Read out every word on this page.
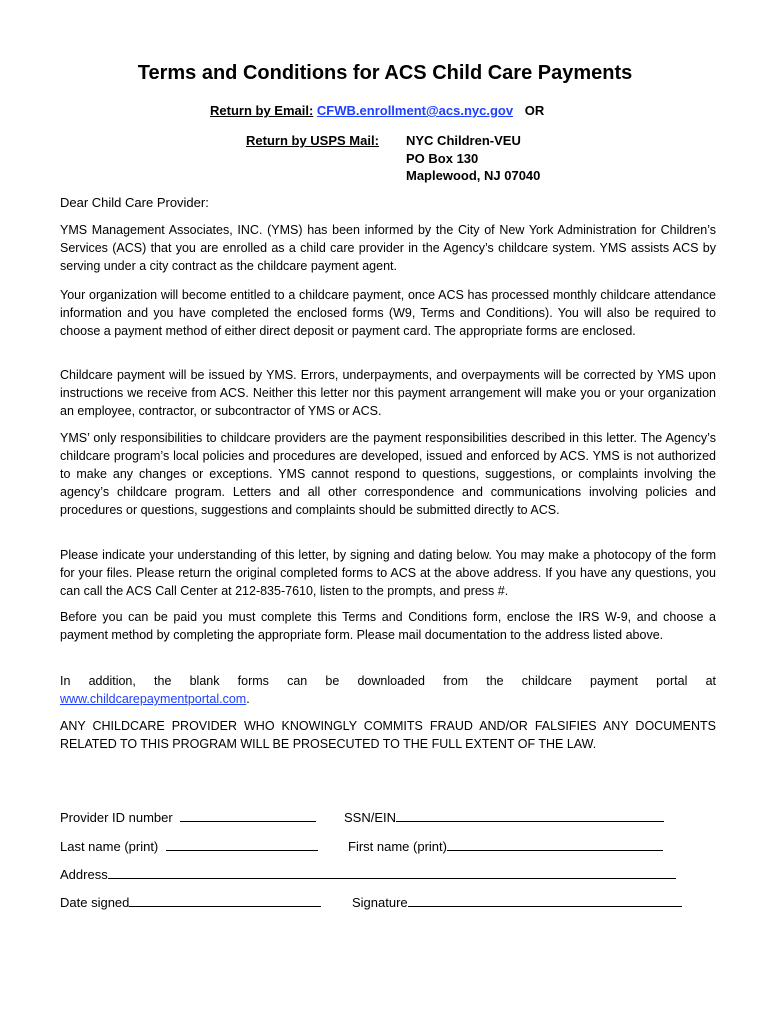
Terms and Conditions for ACS Child Care Payments
Return by Email: CFWB.enrollment@acs.nyc.gov OR
Return by USPS Mail: NYC Children-VEU
PO Box 130
Maplewood, NJ 07040
Dear Child Care Provider:

YMS Management Associates, INC. (YMS) has been informed by the City of New York Administration for Children’s Services (ACS) that you are enrolled as a child care provider in the Agency’s childcare system. YMS assists ACS by serving under a city contract as the childcare payment agent.

Your organization will become entitled to a childcare payment, once ACS has processed monthly childcare attendance information and you have completed the enclosed forms (W9, Terms and Conditions). You will also be required to choose a payment method of either direct deposit or payment card. The appropriate forms are enclosed.

Childcare payment will be issued by YMS. Errors, underpayments, and overpayments will be corrected by YMS upon instructions we receive from ACS. Neither this letter nor this payment arrangement will make you or your organization an employee, contractor, or subcontractor of YMS or ACS.

YMS’ only responsibilities to childcare providers are the payment responsibilities described in this letter. The Agency’s childcare program’s local policies and procedures are developed, issued and enforced by ACS. YMS is not authorized to make any changes or exceptions. YMS cannot respond to questions, suggestions, or complaints involving the agency’s childcare program. Letters and all other correspondence and communications involving policies and procedures or questions, suggestions and complaints should be submitted directly to ACS.

Please indicate your understanding of this letter, by signing and dating below. You may make a photocopy of the form for your files. Please return the original completed forms to ACS at the above address. If you have any questions, you can call the ACS Call Center at 212-835-7610, listen to the prompts, and press #.

Before you can be paid you must complete this Terms and Conditions form, enclose the IRS W-9, and choose a payment method by completing the appropriate form. Please mail documentation to the address listed above.

In  addition,  the  blank  forms  can  be  downloaded  from  the  childcare  payment  portal  at
www.childcarepaymentportal.com.

ANY CHILDCARE PROVIDER WHO KNOWINGLY COMMITS FRAUD AND/OR FALSIFIES ANY DOCUMENTS RELATED TO THIS PROGRAM WILL BE PROSECUTED TO THE FULL EXTENT OF THE LAW.

Provider ID number	SSN/EIN
Last name (print)	First name (print)
Address
Date signed	Signature
